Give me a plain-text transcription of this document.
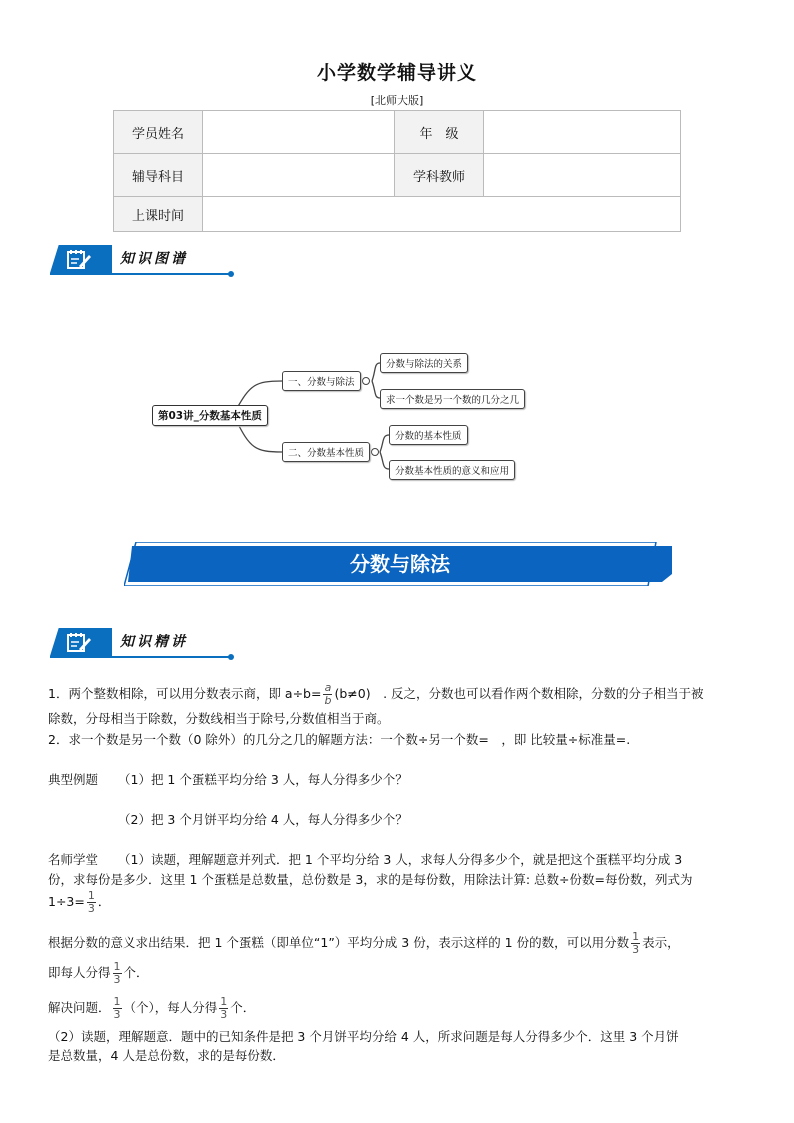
小学数学辅导讲义
[北师大版]
学员姓名		年　级	
辅导科目		学科教师	
上课时间			
知识图谱
第03讲_分数基本性质
一、分数与除法
二、分数基本性质
分数与除法的关系
求一个数是另一个数的几分之几
分数的基本性质
分数基本性质的意义和应用
分数与除法
知识精讲
1．两个整数相除，可以用分数表示商，即 $a\div b= \frac{a}{b} (b\ne 0)$　. 反之，分数也可以看作两个数相除，分数的分子相当于被
除数，分母相当于除数，分数线相当于除号,分数值相当于商。
2．求一个数是另一个数（0 除外）的几分之几的解题方法：一个数÷另一个数=　，即 比较量÷标准量=.
典型例题 （1）把 1 个蛋糕平均分给 3 人，每人分得多少个？
（2）把 3 个月饼平均分给 4 人，每人分得多少个？
名师学堂 （1）读题，理解题意并列式．把 1 个平均分给 3 人，求每人分得多少个，就是把这个蛋糕平均分成 3
份，求每份是多少．这里 1 个蛋糕是总数量，总份数是 3，求的是每份数，用除法计算: 总数÷份数=每份数，列式为
$1\div 3= \frac{1}{3}$ ．
根据分数的意义求出结果．把 1 个蛋糕（即单位“1”）平均分成 3 份，表示这样的 1 份的数，可以用分数 $\frac{1}{3}$ 表示，
即每人分得 $\frac{1}{3}$ 个．
解决问题． $\frac{1}{3}$ （个），每人分得 $\frac{1}{3}$ 个．
（2）读题，理解题意．题中的已知条件是把 3 个月饼平均分给 4 人，所求问题是每人分得多少个．这里 3 个月饼
是总数量，4 人是总份数，求的是每份数．
